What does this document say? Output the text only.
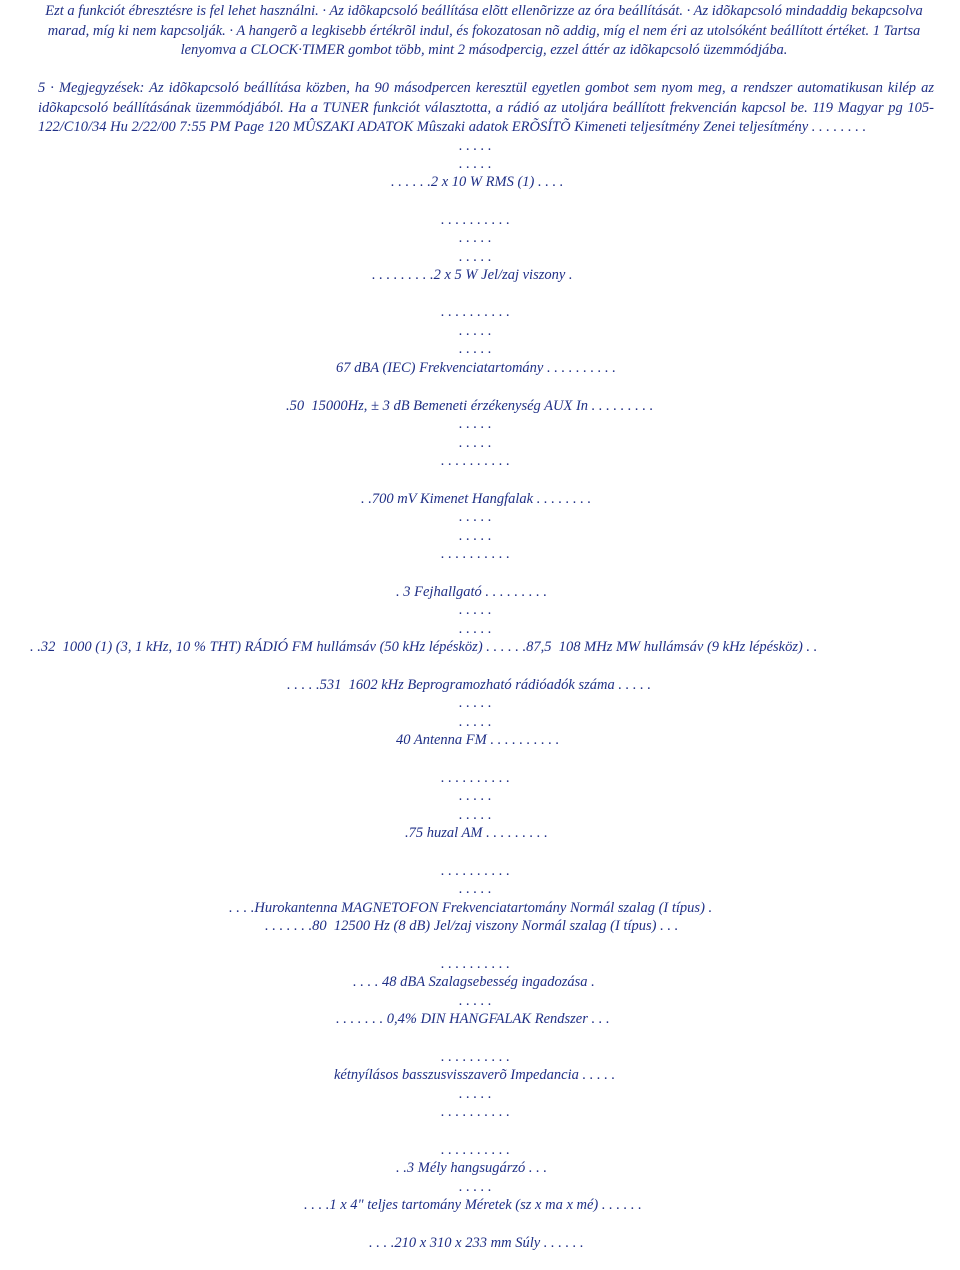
Ezt a funkciót ébresztésre is fel lehet használni. · Az idõkapcsoló beállítása elõtt ellenõrizze az óra beállítását. · Az idõkapcsoló mindaddig bekapcsolva marad, míg ki nem kapcsolják. · A hangerõ a legkisebb értékrõl indul, és fokozatosan nõ addig, míg el nem éri az utolsóként beállított értéket. 1 Tartsa lenyomva a CLOCK·TIMER gombot több, mint 2 másodpercig, ezzel áttér az idõkapcsoló üzemmódjába.
5 · Megjegyzések: Az idõkapcsoló beállítása közben, ha 90 másodpercen keresztül egyetlen gombot sem nyom meg, a rendszer automatikusan kilép az idõkapcsoló beállításának üzemmódjából. Ha a TUNER funkciót választotta, a rádió az utoljára beállított frekvencián kapcsol be. 119 Magyar pg 105-122/C10/34 Hu 2/22/00 7:55 PM Page 120 MÛSZAKI ADATOK Mûszaki adatok ERÕSÍTÕ Kimeneti teljesítmény Zenei teljesítmény . . . . . . . .
. . . . .
. . . . .
. . . . . .2 x 10 W RMS (1) . . . .
. . . . . . . . . .
. . . . .
. . . . .
. . . . . . . . .2 x 5 W Jel/zaj viszony .
. . . . . . . . . .
. . . . .
. . . . .
67 dBA (IEC) Frekvenciatartomány . . . . . . . . . .
.50  15000Hz, ± 3 dB Bemeneti érzékenység AUX In . . . . . . . . .
. . . . .
. . . . .
. . . . . . . . . .
. .700 mV Kimenet Hangfalak . . . . . . . .
. . . . .
. . . . .
. . . . . . . . . .
. 3 Fejhallgató . . . . . . . . .
. . . . .
. . . . .
. .32  1000 (1) (3, 1 kHz, 10 % THT) RÁDIÓ FM hullámsáv (50 kHz lépésköz) . . . . . .87,5  108 MHz MW hullámsáv (9 kHz lépésköz) . .
. . . . .531  1602 kHz Beprogramozható rádióadók száma . . . . .
. . . . .
. . . . .
40 Antenna FM . . . . . . . . . .
. . . . . . . . . .
. . . . .
. . . . .
.75 huzal AM . . . . . . . . .
. . . . . . . . . .
. . . . .
. . . .Hurokantenna MAGNETOFON Frekvenciatartomány Normál szalag (I típus) .
. . . . . . .80  12500 Hz (8 dB) Jel/zaj viszony Normál szalag (I típus) . . .
. . . . . . . . . .
. . . . 48 dBA Szalagsebesség ingadozása .
. . . . .
. . . . . . . 0,4% DIN HANGFALAK Rendszer . . .
. . . . . . . . . .
kétnyílásos basszusvisszaverõ Impedancia . . . . .
. . . . .
. . . . . . . . . .
. . . . . . . . . .
. .3 Mély hangsugárzó . . .
. . . . .
. . . .1 x 4" teljes tartomány Méretek (sz x ma x mé) . . . . . .
. . . .210 x 310 x 233 mm Súly . . . . . .
